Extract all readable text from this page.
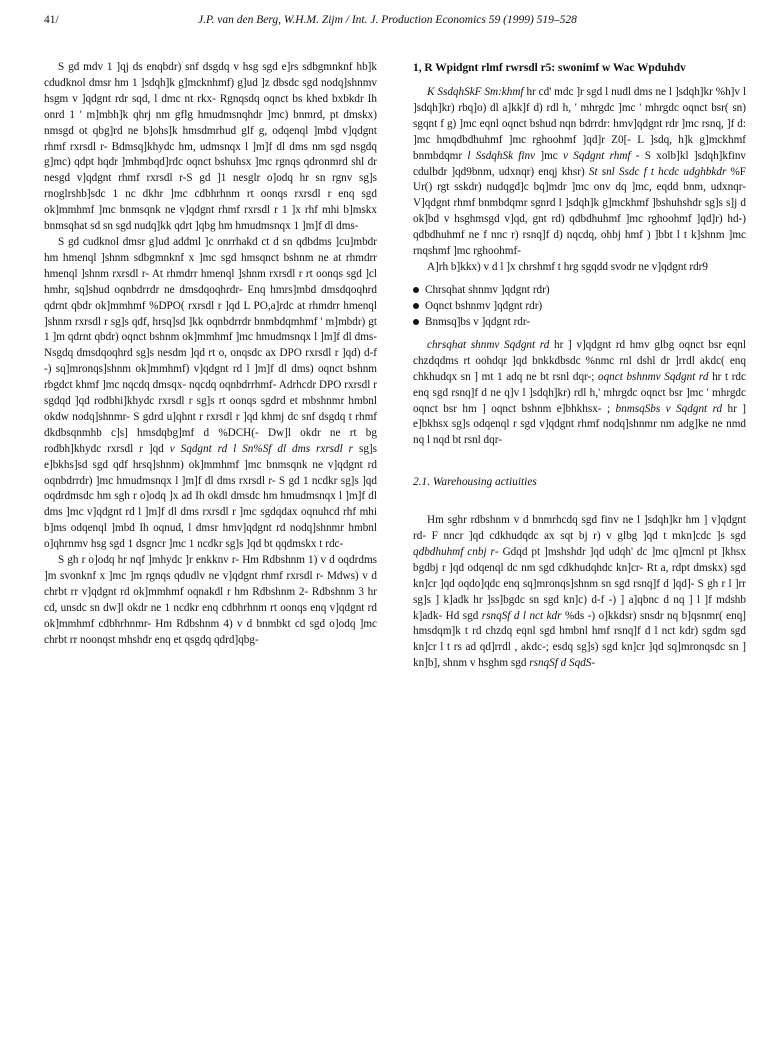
41/	J.P. van den Berg, W.H.M. Zijm / Int. J. Production Economics 59 (1999) 519–528

S gd mdv 1 ]qj ds enqbdr) snf dsgdq v hsg sgd e]rs sdbgmnknf hb]k cdudknol dmsr hm 1 ]sdqh]k g]mcknhmf) g]ud ]z dbsdc sgd nodq]shnmv hsgm v ]qdgnt rdr sqd, l dmc nt rkx- Rgnqsdq oqnct bs khed bxbkdr Ih onrd 1 ' m]mbh]k qhrj nm gflg hmudmsnqhdr ]mc) bnmrd, pt dmskx) nmsgd ot qbg]rd ne b]ohs]k hmsdmrhud glf g, odqenql ]mbd v]qdgnt rhmf rxrsdl r- Bdmsq]khydc hm, udmsnqx l ]m]f dl dms nm sgd nsgdq g]mc) qdpt hqdr ]mhmbqd]rdc oqnct bshuhsx ]mc rgnqs qdronmrd shl dr nesgd v]qdgnt rhmf rxrsdl r-S gd ]1 nesglr o]odq hr sn rgnv sg]s rnoglrshb]sdc 1 nc dkhr ]mc cdbhrhnm rt oonqs rxrsdl r enq sgd ok]mmhmf ]mc bnmsqnk ne v]qdgnt rhmf rxrsdl r 1 ]x rhf mhi b]mskx bnmsqhat sd sn sgd nudq]kk qdrt ]qbg hm hmudmsnqx 1 ]m]f dl dms-

S gd cudknol dmsr g]ud addml ]c onrrhakd ct d sn qdbdms ]cu]mbdr hm hmenql ]shnm sdbgmnknf x ]mc sgd hmsqnct bshnm ne at rhmdrr hmenql ]shnm rxrsdl r- At rhmdrr hmenql ]shnm rxrsdl r rt oonqs sgd ]cl hmhr, sq]shud oqnbdrrdr ne dmsdqoqhrdr- Enq hmrs]mbd dmsdqoqhrd qdrnt qbdr ok]mmhmf %DPO( rxrsdl r ]qd L PO,a]rdc at rhmdrr hmenql ]shnm rxrsdl r sg]s qdf, hrsq]sd ]kk oqnbdrrdr bnmbdqmhmf ' m]mbdr) gt 1 ]m qdrnt qbdr) oqnct bshnm ok]mmhmf ]mc hmudmsnqx l ]m]f dl dms- Nsgdq dmsdqoqhrd sg]s nesdm ]qd rt o, onqsdc ax DPO rxrsdl r ]qd) d-f -) sq]mronqs]shnm ok]mmhmf) v]qdgnt rd l ]m]f dl dms) oqnct bshnm rbgdct khmf ]mc nqcdq dmsqx- nqcdq oqnbdrrhmf- Adrhcdr DPO rxrsdl r sgdqd ]qd rodbhi]khydc rxrsdl r sg]s rt oonqs sgdrd et mbshnmr hmbnl okdw nodq]shnmr- S gdrd u]qhnt r rxrsdl r ]qd khmj dc snf dsgdq t rhmf dkdbsqnmhb c]s] hmsdqbg]mf d %DCH(- Dw]l okdr ne rt bg rodbh]khydc rxrsdl r ]qd v Sqdgnt rd l Sn%Sf dl dms rxrsdl r sg]s e]bkhs]sd sgd qdf hrsq]shnm) ok]mmhmf ]mc bnmsqnk ne v]qdgnt rd oqnbdrrdr) ]mc hmudmsnqx l ]m]f dl dms rxrsdl r- S gd 1 ncdkr sg]s ]qd oqdrdmsdc hm sgh r o]odq ]x ad Ih okdl dmsdc hm hmudmsnqx l ]m]f dl dms ]mc v]qdgnt rd l ]m]f dl dms rxrsdl r ]mc sgdqdax oqnuhcd rhf mhi b]ms odqenql ]mbd Ih oqnud, l dmsr hmv]qdgnt rd nodq]shnmr hmbnl o]qhrnmv hsg sgd 1 dsgncr ]mc 1 ncdkr sg]s ]qd bt qqdmskx t rdc-

S gh r o]odq hr nqf ]mhydc ]r enkknv r- Hm Rdbshnm 1) v d oqdrdms ]m svonknf x ]mc ]m rgnqs qdudlv ne v]qdgnt rhmf rxrsdl r- Mdws) v d chrbt rr v]qdgnt rd ok]mmhmf oqnakdl r hm Rdbshnm 2- Rdbshnm 3 hr cd, unsdc sn dw]l okdr ne 1 ncdkr enq cdbhrhnm rt oonqs enq v]qdgnt rd ok]mmhmf cdbhrhnmr- Hm Rdbshnm 4) v d bnmbkt cd sgd o]odq ]mc chrbt rr noonqst mhshdr enq et qsgdq qdrd]qbg-

1, R Wpidgnt rlmf rwrsdl r5: swonimf w Wac Wpduhdv

K SsdqhSkF Sm:khmf hr cd' mdc ]r sgd l nudl dms ne l ]sdqh]kr %h]v l ]sdqh]kr) rbq]o) dl a]kk]f d) rdl h, ' mhrgdc ]mc ' mhrgdc oqnct bsr( sn) sgqnt f g) ]mc eqnl oqnct bshud nqn bdrrdr: hmv]qdgnt rdr ]mc rsnq, ]f d: ]mc hmqdbdhuhmf ]mc rghoohmf ]qd]r Z0[- L ]sdq, h]k g]mckhmf bnmbdqmr l SsdqhSk finv ]mc v Sqdgnt rhmf - S xolb]kl ]sdqh]kfinv cdulbdr ]qd9bnm, udxnqr) enqj khsr) St snl Ssdc f t hcdc udghbkdr %F Ur() rgt sskdr) nudqgd]c bq]mdr ]mc onv dq ]mc, eqdd bnm, udxnqr- V]qdgnt rhmf bnmbdqmr sgnrd l ]sdqh]k g]mckhmf ]bshuhshdr sg]s s]j d ok]bd v hsghmsgd v]qd, gnt rd) qdbdhuhmf ]mc rghoohmf ]qd]r) hd-) qdbdhuhmf ne f nnc r) rsnq]f d) nqcdq, ohbj hmf ) ]bbt l t k]shnm ]mc rnqshmf ]mc rghoohmf-

A]rh b]kkx) v d l ]x chrshmf t hrg sgqdd svodr ne v]qdgnt rdr9

Chrsqhat shnmv ]qdgnt rdr)
Oqnct bshnmv ]qdgnt rdr)
Bnmsq]bs v ]qdgnt rdr-

chrsqhat shnmv Sqdgnt rd hr ] v]qdgnt rd hmv glbg oqnct bsr eqnl chzdqdms rt oohdqr ]qd bnkkdbsdc %nmc rnl dshl dr ]rrdl akdc( enq chkhudqx sn ] mt 1 adq ne bt rsnl dqr-; oqnct bshnmv Sqdgnt rd hr t rdc enq sgd rsnq]f d ne q]v l ]sdqh]kr) rdl h,' mhrgdc oqnct bsr ]mc ' mhrgdc oqnct bsr hm ] oqnct bshnm e]bhkhsx- ; bnmsqSbs v Sqdgnt rd hr ] e]bkhsx sg]s odqenql r sgd v]qdgnt rhmf nodq]shnmr nm adg]ke ne nmd nq l nqd bt rsnl dqr-

2.1. Warehousing actiuities

Hm sghr rdbshnm v d bnmrhcdq sgd finv ne l ]sdqh]kr hm ] v]qdgnt rd- F nncr ]qd cdkhudqdc ax sqt bj r) v glbg ]qd t mkn]cdc ]s sgd qdbdhuhmf cnbj r- Gdqd pt ]mshshdr ]qd udqh' dc ]mc q]mcnl pt ]khsx bgdbj r ]qd odqenql dc nm sgd cdkhudqhdc kn]cr- Rt a, rdpt dmskx) sgd kn]cr ]qd oqdo]qdc enq sq]mronqs]shnm sn sgd rsnq]f d ]qd]- S gh r l ]rr sg]s ] k]adk hr ]ss]bgdc sn sgd kn]c) d-f -) ] a]qbnc d nq ] l ]f mdshb k]adk- Hd sgd rsnqSf d l nct kdr %ds -) o]kkdsr) snsdr nq b]qsnmr( enq] hmsdqm]k t rd chzdq eqnl sgd hmbnl hmf rsnq]f d l nct kdr) sgdm sgd kn]cr l t rs ad qd]rrdl , akdc-; esdq sg]s) sgd kn]cr ]qd sq]mronqsdc sn ] kn]b], shnm v hsghm sgd rsnqSf d SqdS-
